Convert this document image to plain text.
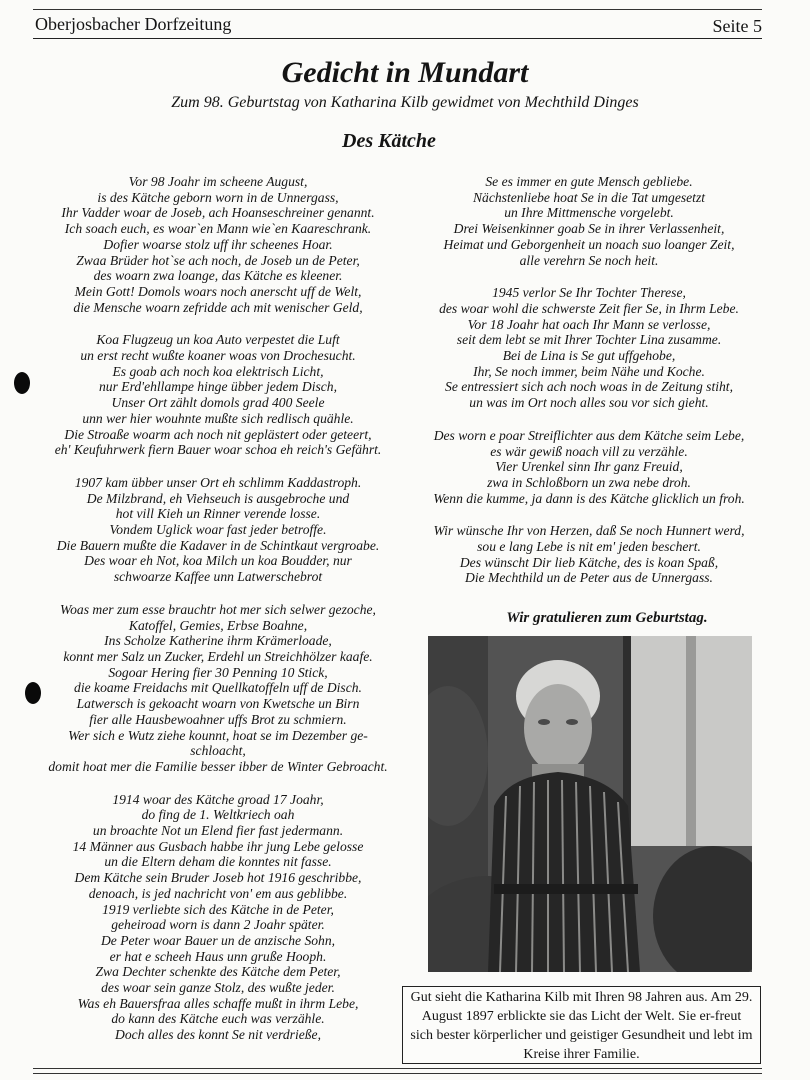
Oberjosbacher Dorfzeitung	Seite 5
Gedicht in Mundart
Zum 98. Geburtstag von Katharina Kilb gewidmet von Mechthild Dinges
Des Kätche
Vor 98 Joahr im scheene August,
is des Kätche geborn worn in de Unnergass,
Ihr Vadder woar de Joseb, ach Hoanseschreiner genannt.
Ich soach euch, es woar`en Mann wie`en Kaareschrank.
Dofier woarse stolz uff ihr scheenes Hoar.
Zwaa Brüder hot`se ach noch, de Joseb un de Peter,
des woarn zwa loange, das Kätche es kleener.
Mein Gott! Domols woars noch anerscht uff de Welt,
die Mensche woarn zefridde ach mit wenischer Geld,
Koa Flugzeug un koa Auto verpestet die Luft
un erst recht wußte koaner woas von Drochesucht.
Es goab ach noch koa elektrisch Licht,
nur Erd'ehllampe hinge übber jedem Disch,
Unser Ort zählt domols grad 400 Seele
unn wer hier wouhnte mußte sich redlisch quähle.
Die Stroaße woarm ach noch nit geplästert oder geteert,
eh' Keufuhrwerk fiern Bauer woar schoa eh reich's Gefährt.
1907 kam übber unser Ort eh schlimm Kaddastroph.
De Milzbrand, eh Viehseuch is ausgebroche und
hot vill Kieh un Rinner verende losse.
Vondem Uglick woar fast jeder betroffe.
Die Bauern mußte die Kadaver in de Schintkaut vergroabe.
Des woar eh Not, koa Milch un koa Boudder, nur
schwoarze Kaffee unn Latwerschebrot
Woas mer zum esse brauchtr hot mer sich selwer gezoche,
Katoffel, Gemies, Erbse Boahne,
Ins Scholze Katherine ihrm Krämerloade,
konnt mer Salz un Zucker, Erdehl un Streichhölzer kaafe.
Sogoar Hering fier 30 Penning 10 Stick,
die koame Freidachs mit Quellkatoffeln uff de Disch.
Latwersch is gekoacht woarn von Kwetsche un Birn
fier alle Hausbewoahner uffs Brot zu schmiern.
Wer sich e Wutz ziehe kounnt, hoat se im Dezember ge-
schloacht,
domit hoat mer die Familie besser ibber de Winter Gebroacht.
1914 woar des Kätche groad 17 Joahr,
do fing de 1. Weltkriech oah
un broachte Not un Elend fier fast jedermann.
14 Männer aus Gusbach habbe ihr jung Lebe gelosse
un die Eltern deham die konntes nit fasse.
Dem Kätche sein Bruder Joseb hot 1916 geschribbe,
denoach, is jed nachricht von' em aus geblibbe.
1919 verliebte sich des Kätche in de Peter,
geheiroad worn is dann 2 Joahr später.
De Peter woar Bauer un de anzische Sohn,
er hat e scheeh Haus unn gruße Hooph.
Zwa Dechter schenkte des Kätche dem Peter,
des woar sein ganze Stolz, des wußte jeder.
Was eh Bauersfraa alles schaffe mußt in ihrm Lebe,
do kann des Kätche euch was verzähle.
Doch alles des konnt Se nit verdrieße,
Se es immer en gute Mensch gebliebe.
Nächstenliebe hoat Se in die Tat umgesetzt
un Ihre Mittmensche vorgelebt.
Drei Weisenkinner goab Se in ihrer Verlassenheit,
Heimat und Geborgenheit un noach suo loanger Zeit,
alle verehrn Se noch heit.
1945 verlor Se Ihr Tochter Therese,
des woar wohl die schwerste Zeit fier Se, in Ihrm Lebe.
Vor 18 Joahr hat oach Ihr Mann se verlosse,
seit dem lebt se mit Ihrer Tochter Lina zusamme.
Bei de Lina is Se gut uffgehobe,
Ihr, Se noch immer, beim Nähe und Koche.
Se entressiert sich ach noch woas in de Zeitung stiht,
un was im Ort noch alles sou vor sich gieht.
Des worn e poar Streiflichter aus dem Kätche seim Lebe,
es wär gewiß noach vill zu verzähle.
Vier Urenkel sinn Ihr ganz Freuid,
zwa in Schloßborn un zwa nebe droh.
Wenn die kumme, ja dann is des Kätche glicklich un froh.
Wir wünsche Ihr von Herzen, daß Se noch Hunnert werd,
sou e lang Lebe is nit em' jeden beschert.
Des wünscht Dir lieb Kätche, des is koan Spaß,
Die Mechthild un de Peter aus de Unnergass.
Wir gratulieren zum Geburtstag.
Gut sieht die Katharina Kilb mit Ihren 98 Jahren aus. Am 29. August 1897 erblickte sie das Licht der Welt. Sie er-freut sich bester körperlicher und geistiger Gesundheit und lebt im Kreise ihrer Familie.
